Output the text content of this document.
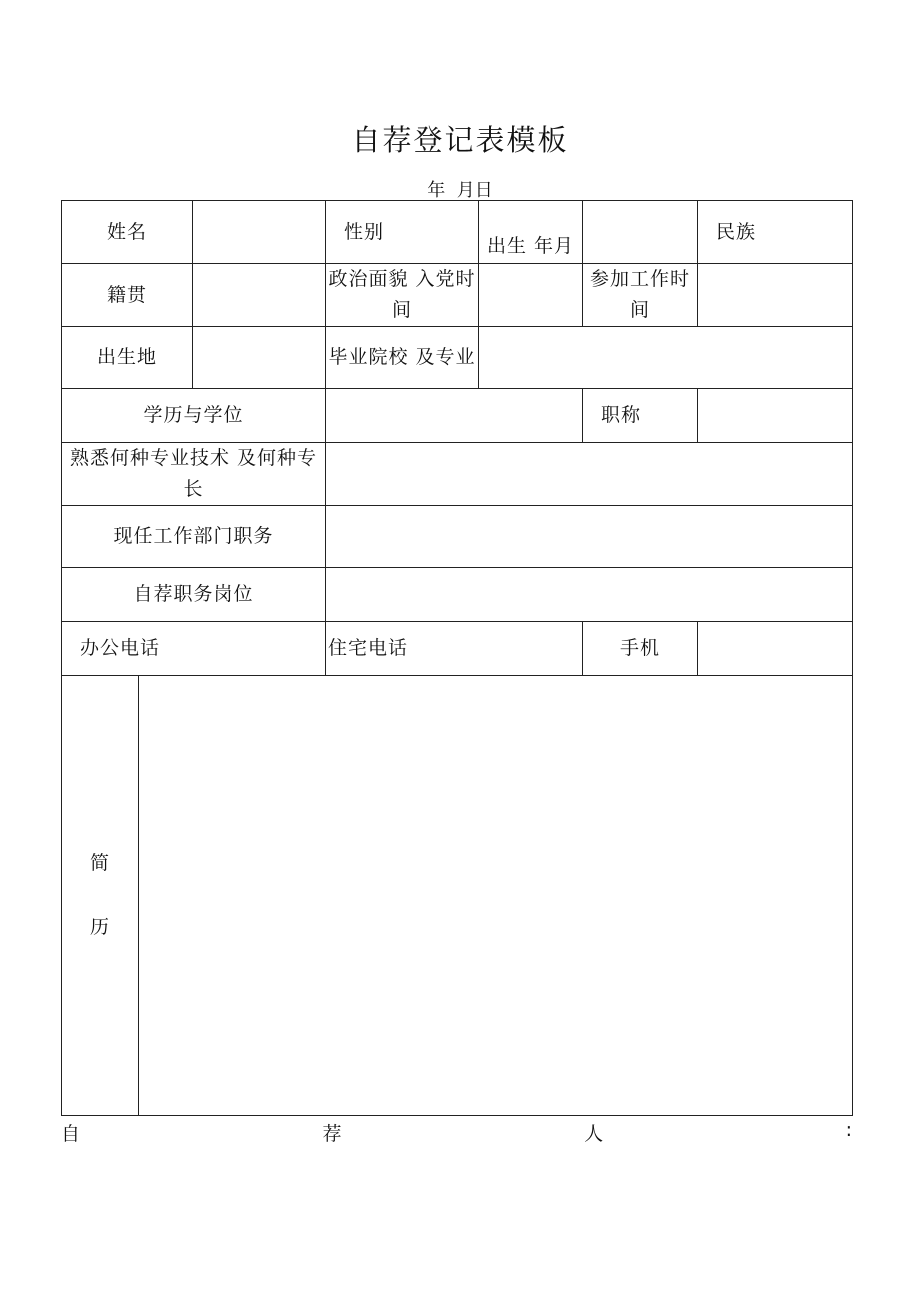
自荐登记表模板
年  月日
姓名			性别	出生 年月		民族
籍贯			政治面貌 入党时间		参加工作时间	
出生地			毕业院校 及专业			
学历与学位					职称	
熟悉何种专业技术 及何种专长						
现任工作部门职务						
自荐职务岗位						
办公电话			住宅电话		手机	

简
历						

自	荐	人	:
